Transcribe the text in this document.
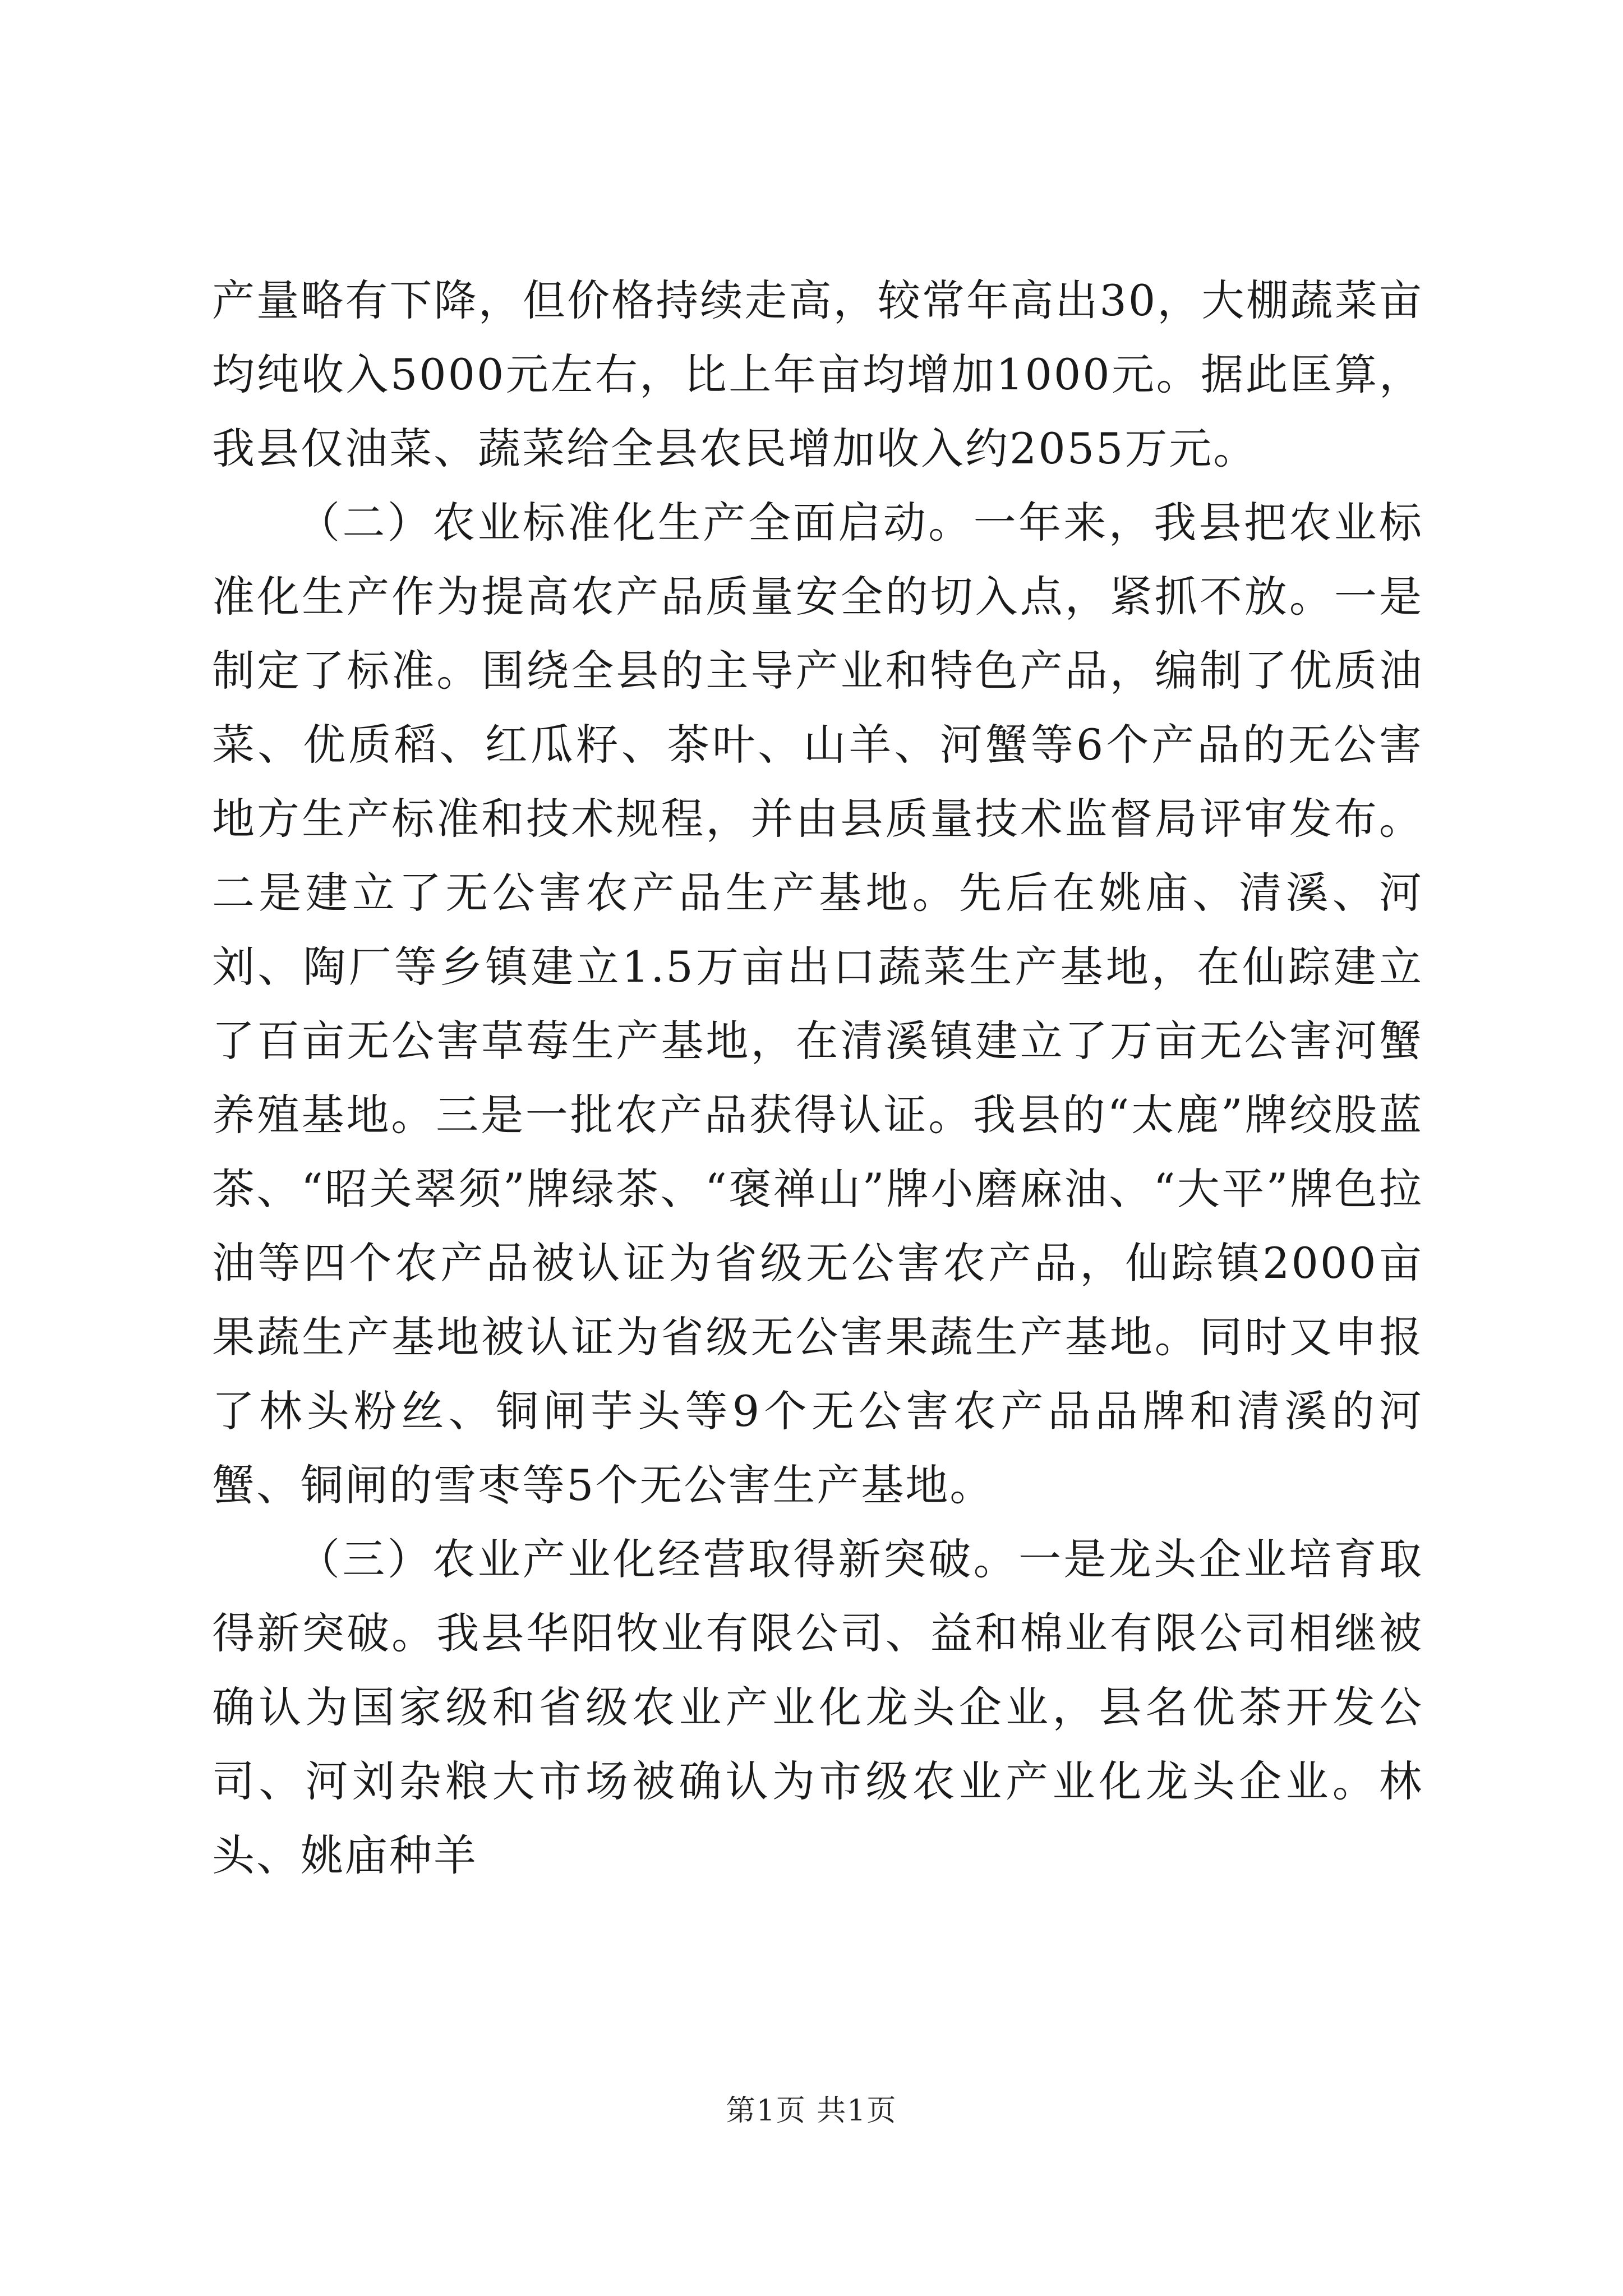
产量略有下降，但价格持续走高，较常年高出30，大棚蔬菜亩均纯收入5000元左右，比上年亩均增加1000元。据此匡算，我县仅油菜、蔬菜给全县农民增加收入约2055万元。

（二）农业标准化生产全面启动。一年来，我县把农业标准化生产作为提高农产品质量安全的切入点，紧抓不放。一是制定了标准。围绕全县的主导产业和特色产品，编制了优质油菜、优质稻、红瓜籽、茶叶、山羊、河蟹等6个产品的无公害地方生产标准和技术规程，并由县质量技术监督局评审发布。二是建立了无公害农产品生产基地。先后在姚庙、清溪、河刘、陶厂等乡镇建立1.5万亩出口蔬菜生产基地，在仙踪建立了百亩无公害草莓生产基地，在清溪镇建立了万亩无公害河蟹养殖基地。三是一批农产品获得认证。我县的“太鹿”牌绞股蓝茶、“昭关翠须”牌绿茶、“褒禅山”牌小磨麻油、“大平”牌色拉油等四个农产品被认证为省级无公害农产品，仙踪镇2000亩果蔬生产基地被认证为省级无公害果蔬生产基地。同时又申报了林头粉丝、铜闸芋头等9个无公害农产品品牌和清溪的河蟹、铜闸的雪枣等5个无公害生产基地。

（三）农业产业化经营取得新突破。一是龙头企业培育取得新突破。我县华阳牧业有限公司、益和棉业有限公司相继被确认为国家级和省级农业产业化龙头企业，县名优茶开发公司、河刘杂粮大市场被确认为市级农业产业化龙头企业。林头、姚庙种羊

第1页 共1页
